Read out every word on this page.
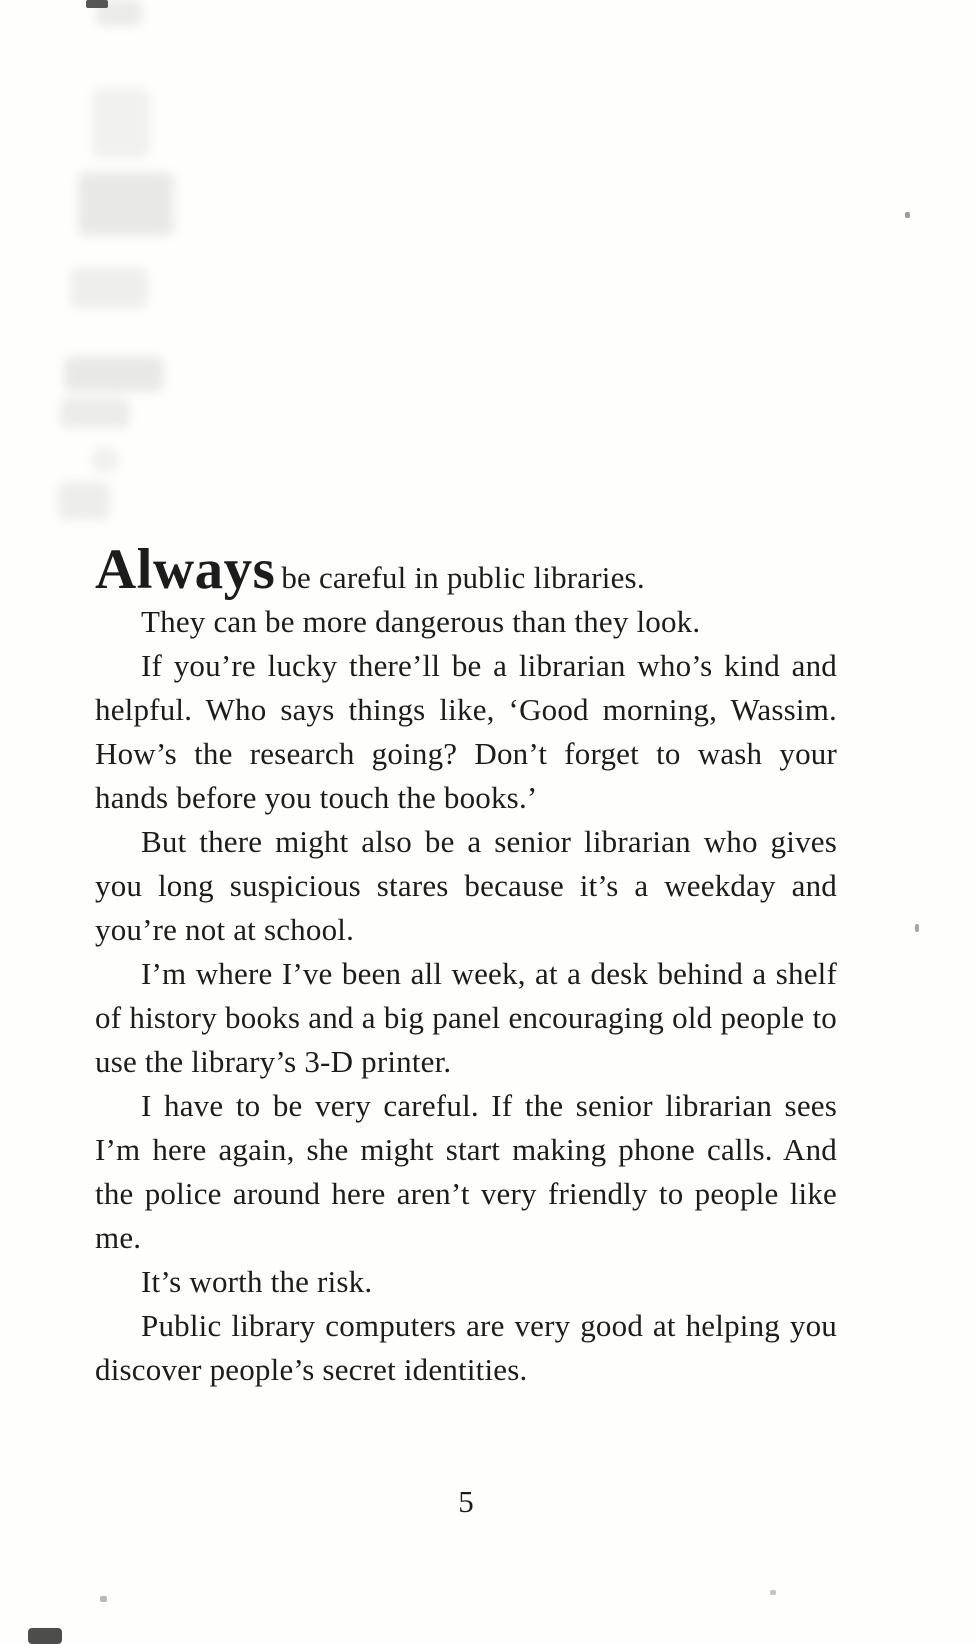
Always be careful in public libraries.

They can be more dangerous than they look.

If you’re lucky there’ll be a librarian who’s kind and helpful. Who says things like, ‘Good morning, Wassim. How’s the research going? Don’t forget to wash your hands before you touch the books.’

But there might also be a senior librarian who gives you long suspicious stares because it’s a weekday and you’re not at school.

I’m where I’ve been all week, at a desk behind a shelf of history books and a big panel encouraging old people to use the library’s 3-D printer.

I have to be very careful. If the senior librarian sees I’m here again, she might start making phone calls. And the police around here aren’t very friendly to people like me.

It’s worth the risk.

Public library computers are very good at helping you discover people’s secret identities.

5
